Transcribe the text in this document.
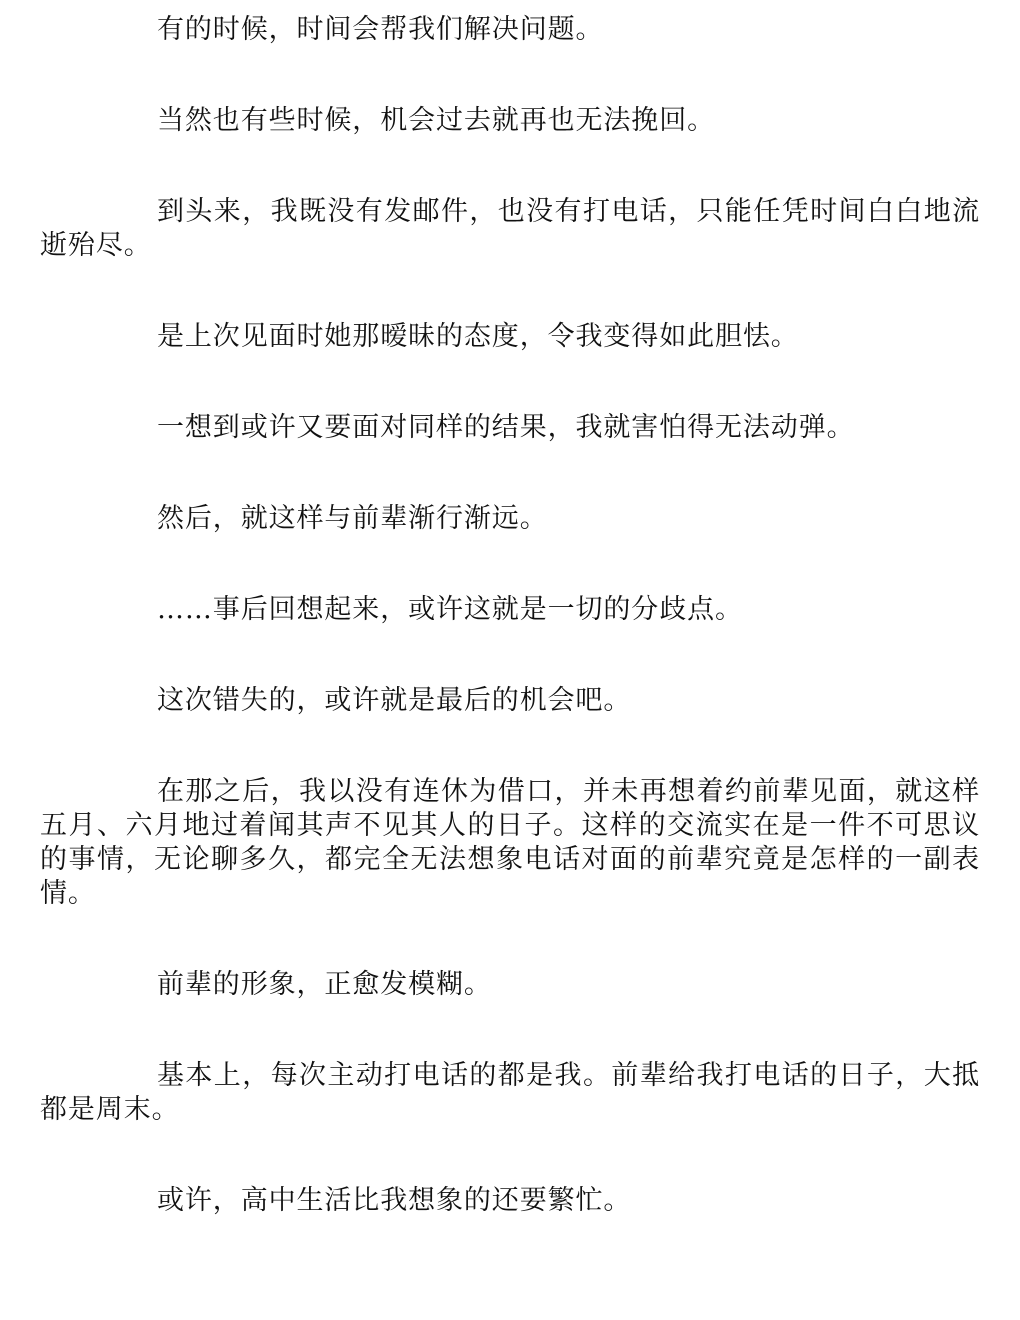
有的时候，时间会帮我们解决问题。

当然也有些时候，机会过去就再也无法挽回。

到头来，我既没有发邮件，也没有打电话，只能任凭时间白白地流逝殆尽。

是上次见面时她那暧昧的态度，令我变得如此胆怯。

一想到或许又要面对同样的结果，我就害怕得无法动弹。

然后，就这样与前辈渐行渐远。

……事后回想起来，或许这就是一切的分歧点。

这次错失的，或许就是最后的机会吧。

在那之后，我以没有连休为借口，并未再想着约前辈见面，就这样五月、六月地过着闻其声不见其人的日子。这样的交流实在是一件不可思议的事情，无论聊多久，都完全无法想象电话对面的前辈究竟是怎样的一副表情。

前辈的形象，正愈发模糊。

基本上，每次主动打电话的都是我。前辈给我打电话的日子，大抵都是周末。

或许，高中生活比我想象的还要繁忙。
